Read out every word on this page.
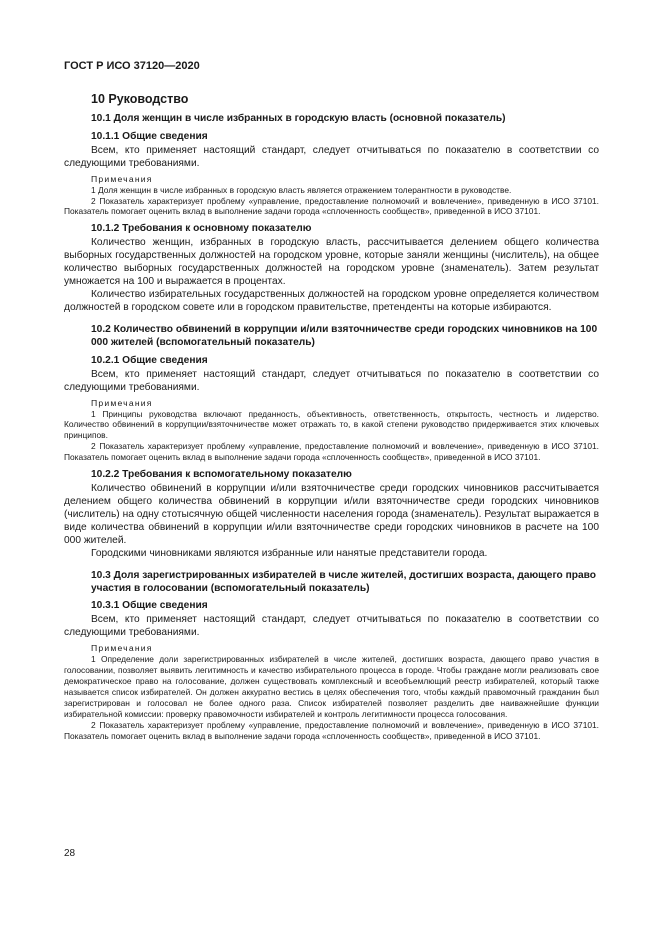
ГОСТ Р ИСО 37120—2020
10 Руководство
10.1 Доля женщин в числе избранных в городскую власть (основной показатель)
10.1.1 Общие сведения

Всем, кто применяет настоящий стандарт, следует отчитываться по показателю в соответствии со следующими требованиями.

Примечания

1 Доля женщин в числе избранных в городскую власть является отражением толерантности в руководстве.

2 Показатель характеризует проблему «управление, предоставление полномочий и вовлечение», приведенную в ИСО 37101. Показатель помогает оценить вклад в выполнение задачи города «сплоченность сообществ», приведенной в ИСО 37101.

10.1.2 Требования к основному показателю

Количество женщин, избранных в городскую власть, рассчитывается делением общего количества выборных государственных должностей на городском уровне, которые заняли женщины (числитель), на общее количество выборных государственных должностей на городском уровне (знаменатель). Затем результат умножается на 100 и выражается в процентах.

Количество избирательных государственных должностей на городском уровне определяется количеством должностей в городском совете или в городском правительстве, претенденты на которые избираются.

10.2 Количество обвинений в коррупции и/или взяточничестве среди городских чиновников на 100 000 жителей (вспомогательный показатель)
10.2.1 Общие сведения

Всем, кто применяет настоящий стандарт, следует отчитываться по показателю в соответствии со следующими требованиями.

Примечания

1 Принципы руководства включают преданность, объективность, ответственность, открытость, честность и лидерство. Количество обвинений в коррупции/взяточничестве может отражать то, в какой степени руководство придерживается этих ключевых принципов.

2 Показатель характеризует проблему «управление, предоставление полномочий и вовлечение», приведенную в ИСО 37101. Показатель помогает оценить вклад в выполнение задачи города «сплоченность сообществ», приведенной в ИСО 37101.

10.2.2 Требования к вспомогательному показателю

Количество обвинений в коррупции и/или взяточничестве среди городских чиновников рассчитывается делением общего количества обвинений в коррупции и/или взяточничестве среди городских чиновников (числитель) на одну стотысячную общей численности населения города (знаменатель). Результат выражается в виде количества обвинений в коррупции и/или взяточничестве среди городских чиновников в расчете на 100 000 жителей.

Городскими чиновниками являются избранные или нанятые представители города.

10.3 Доля зарегистрированных избирателей в числе жителей, достигших возраста, дающего право участия в голосовании (вспомогательный показатель)
10.3.1 Общие сведения

Всем, кто применяет настоящий стандарт, следует отчитываться по показателю в соответствии со следующими требованиями.

Примечания

1 Определение доли зарегистрированных избирателей в числе жителей, достигших возраста, дающего право участия в голосовании, позволяет выявить легитимность и качество избирательного процесса в городе. Чтобы граждане могли реализовать свое демократическое право на голосование, должен существовать комплексный и всеобъемлющий реестр избирателей, который также называется список избирателей. Он должен аккуратно вестись в целях обеспечения того, чтобы каждый правомочный гражданин был зарегистрирован и голосовал не более одного раза. Список избирателей позволяет разделить две наиважнейшие функции избирательной комиссии: проверку правомочности избирателей и контроль легитимности процесса голосования.

2 Показатель характеризует проблему «управление, предоставление полномочий и вовлечение», приведенную в ИСО 37101. Показатель помогает оценить вклад в выполнение задачи города «сплоченность сообществ», приведенной в ИСО 37101.

28
